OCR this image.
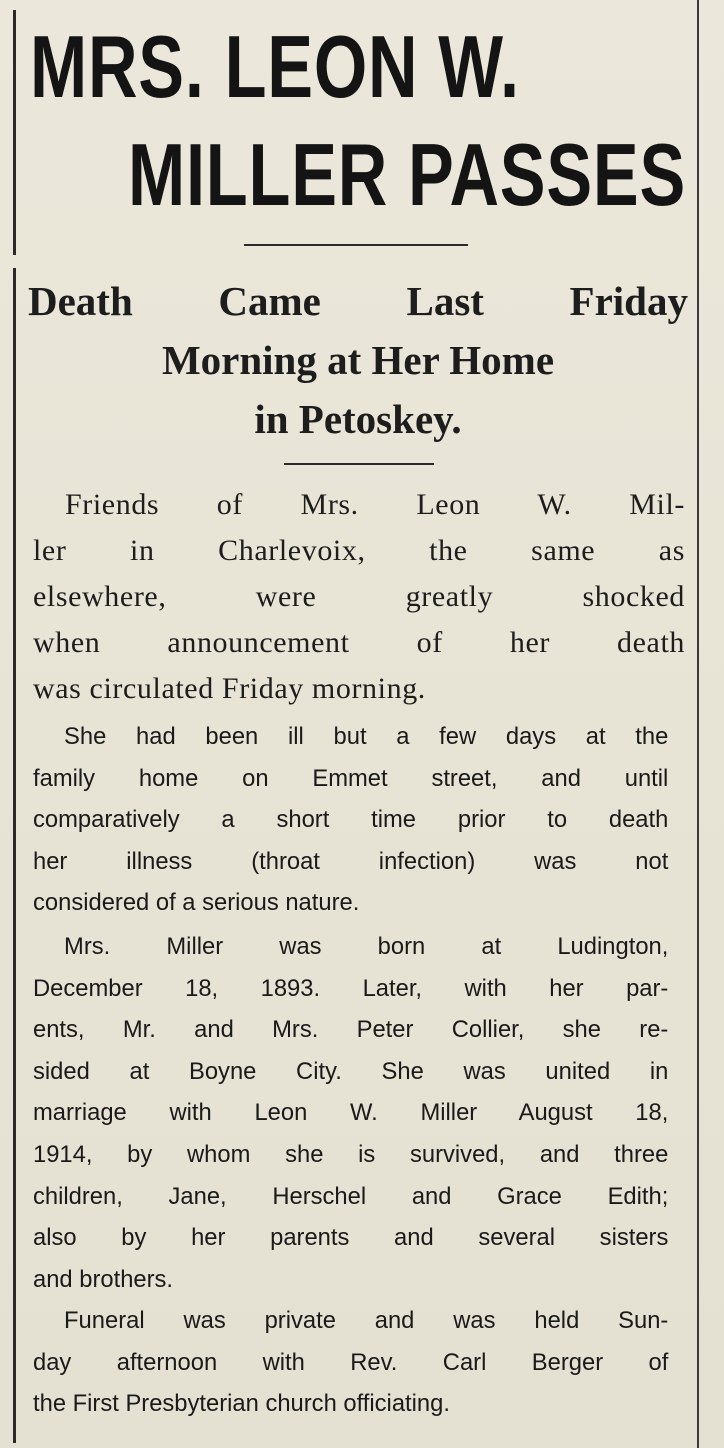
MRS. LEON W.
MILLER PASSES
Death Came Last Friday
Morning at Her Home
in Petoskey.

Friends of Mrs. Leon W. Mil-
ler in Charlevoix, the same as
elsewhere, were greatly shocked
when announcement of her death
was circulated Friday morning.

She had been ill but a few days at the
family home on Emmet street, and until
comparatively a short time prior to death
her illness (throat infection) was not
considered of a serious nature.

Mrs. Miller was born at Ludington,
December 18, 1893. Later, with her par-
ents, Mr. and Mrs. Peter Collier, she re-
sided at Boyne City. She was united in
marriage with Leon W. Miller August 18,
1914, by whom she is survived, and three
children, Jane, Herschel and Grace Edith;
also by her parents and several sisters
and brothers.

Funeral was private and was held Sun-
day afternoon with Rev. Carl Berger of
the First Presbyterian church officiating.
